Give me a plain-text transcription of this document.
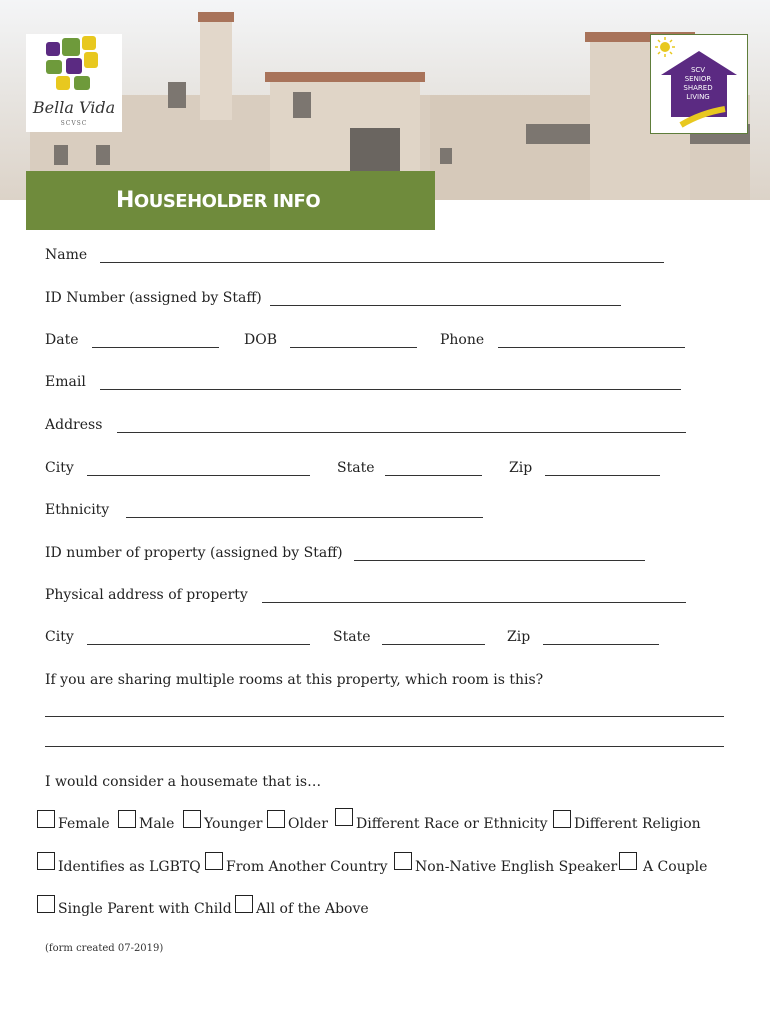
Bella Vida
SCVSC
SCV
SENIOR
SHARED
LIVING
HOUSEHOLDER INFO
Name
ID Number (assigned by Staff)
Date	DOB	Phone
Email
Address
City	State	Zip
Ethnicity
ID number of property (assigned by Staff)
Physical address of property
City	State	Zip
If you are sharing multiple rooms at this property, which room is this?
I would consider a housemate that is…
Female Male Younger Older Different Race or Ethnicity Different Religion
Identifies as LGBTQ From Another Country Non-Native English Speaker A Couple
Single Parent with Child All of the Above
(form created 07-2019)
